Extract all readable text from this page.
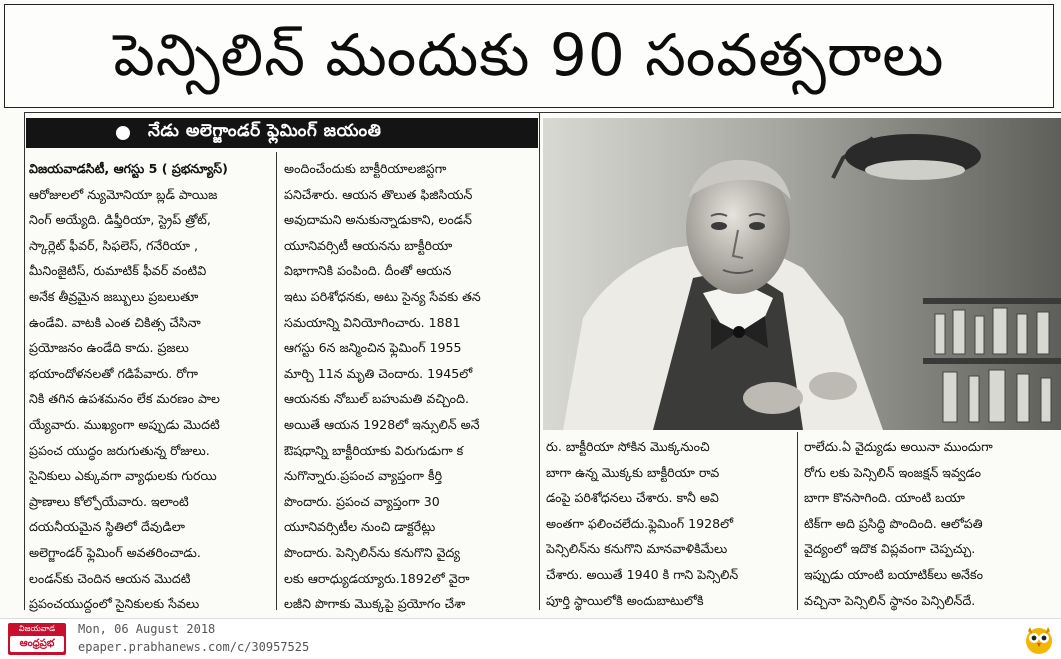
పెన్సిలిన్ మందుకు 90 సంవత్సరాలు
నేడు అలెగ్జాండర్ ఫ్లెమింగ్ జయంతి
విజయవాడసిటీ, ఆగస్టు 5 ( ప్రభన్యూస్)
ఆరోజులలో న్యుమోనియా బ్లడ్ పాయిజ
నింగ్ అయ్యేది. డిఫ్తీరియా, స్ట్రెప్ త్రోట్,
స్కార్లెట్ ఫీవర్, సిఫలెస్, గనేరియా ,
మీనింజైటిస్, రుమాటిక్ ఫీవర్ వంటివి
అనేక తీవ్రమైన జబ్బులు ప్రబలుతూ
ఉండేవి. వాటకి ఎంత చికిత్స చేసినా
ప్రయోజనం ఉండేది కాదు. ప్రజలు
భయాందోళనలతో గడిపేవారు. రోగా
నికి తగిన ఉపశమనం లేక మరణం పాల
య్యేవారు. ముఖ్యంగా అప్పుడు మొదటి
ప్రపంచ యుద్ధం జరుగుతున్న రోజులు.
సైనికులు ఎక్కువగా వ్యాధులకు గురయి
ప్రాణాలు కోల్పోయేవారు. ఇలాంటి
దయనీయమైన స్థితిలో దేవుడిలా
అలెగ్జాండర్ ఫ్లెమింగ్ అవతరించాడు.
లండన్‌కు చెందిన ఆయన మొదటి
ప్రపంచయుద్దంలో సైనికులకు సేవలు
అందించేందుకు బాక్టీరియాలజిస్టగా
పనిచేశారు. ఆయన తొలుత ఫిజిసియన్
అవుదామని అనుకున్నాడుకాని, లండన్
యూనివర్సిటీ ఆయనను బాక్టీరియా
విభాగానికి పంపింది. దీంతో ఆయన
ఇటు పరిశోధనకు, అటు సైన్య సేవకు తన
సమయాన్ని వినియోగించారు. 1881
ఆగస్టు 6న జన్మించిన ఫ్లెమింగ్ 1955
మార్చి 11న మృతి చెందారు. 1945లో
ఆయనకు నోబుల్ బహుమతి వచ్చింది.
అయితే ఆయన 1928లో ఇన్సులిన్ అనే
ఔషధాన్ని బాక్టీరియాకు విరుగుడుగా క
నుగొన్నారు.ప్రపంచ వ్యాప్తంగా కీర్తి
పొందారు. ప్రపంచ వ్యాప్తంగా 30
యూనివర్సిటీల నుంచి డాక్టరేట్లు
పొందారు. పెన్సిలిన్‌ను కనుగొని వైద్య
లకు ఆరాధ్యుడయ్యారు.1892లో వైరా
లజీని పొగాకు మొక్కపై ప్రయోగం చేశా
రు. బాక్టీరియా సోకిన మొక్కనుంచి
బాగా ఉన్న మొక్కకు బాక్టీరియా రావ
డంపై పరిశోధనలు చేశారు. కానీ అవి
అంతగా ఫలించలేదు.ఫ్లెమింగ్ 1928లో
పెన్సిలిన్‌ను కనుగొని మానవాళికిమేలు
చేశారు. అయితే 1940 కి గాని పెన్సిలిన్
పూర్తి స్థాయిలోకి అందుబాటులోకి
రాలేదు.ఏ వైద్యుడు అయినా ముందుగా
రోగు లకు పెన్సిలిన్ ఇంజక్షన్ ఇవ్వడం
బాగా కొనసాగింది. యాంటి బయా
టిక్‌గా అది ప్రసిద్ధి పొందింది. ఆలోపతి
వైద్యంలో ఇదొక విప్లవంగా చెప్పచ్చు.
ఇప్పుడు యాంటి బయాటిక్‌లు అనేకం
వచ్చినా పెన్సిలిన్ స్థానం పెన్సిలిన్‌దే.
విజయవాడ
ఆంధ్రప్రభ
Mon, 06 August 2018
epaper.prabhanews.com/c/30957525
